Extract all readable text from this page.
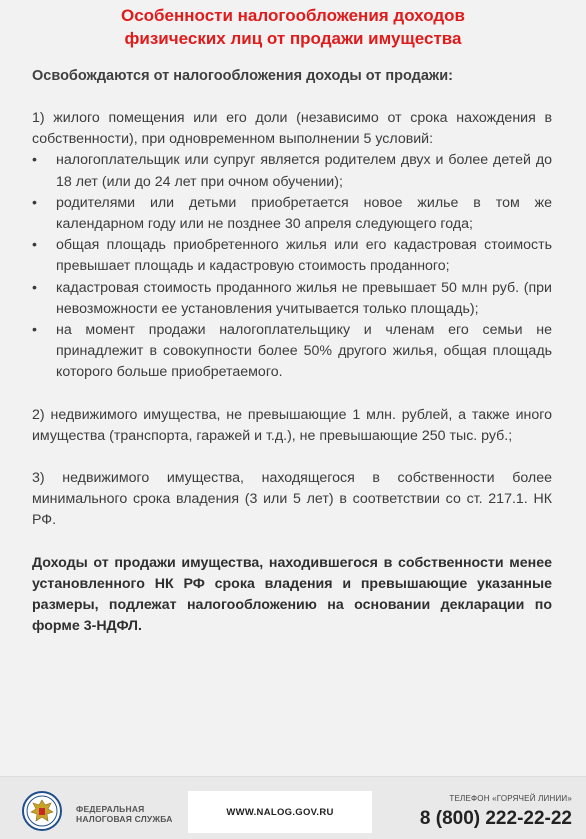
Особенности налогообложения доходов
физических лиц от продажи имущества
Освобождаются от налогообложения доходы от продажи:

1) жилого помещения или его доли (независимо от срока нахождения в собственности), при одновременном выполнении 5 условий:

• налогоплательщик или супруг является родителем двух и более детей до 18 лет (или до 24 лет при очном обучении);
• родителями или детьми приобретается новое жилье в том же календарном году или не позднее 30 апреля следующего года;
• общая площадь приобретенного жилья или его кадастровая стоимость превышает площадь и кадастровую стоимость проданного;
• кадастровая стоимость проданного жилья не превышает 50 млн руб. (при невозможности ее установления учитывается только площадь);
• на момент продажи налогоплательщику и членам его семьи не принадлежит в совокупности более 50% другого жилья, общая площадь которого больше приобретаемого.

2) недвижимого имущества, не превышающие 1 млн. рублей, а также иного имущества (транспорта, гаражей и т.д.), не превышающие 250 тыс. руб.;

3) недвижимого имущества, находящегося в собственности более минимального срока владения (3 или 5 лет) в соответствии со ст. 217.1. НК РФ.

Доходы от продажи имущества, находившегося в собственности менее установленного НК РФ срока владения и превышающие указанные размеры, подлежат налогообложению на основании декларации по форме 3-НДФЛ.

ФЕДЕРАЛЬНАЯ
НАЛОГОВАЯ СЛУЖБА
WWW.NALOG.GOV.RU
ТЕЛЕФОН «ГОРЯЧЕЙ ЛИНИИ»
8 (800) 222-22-22
